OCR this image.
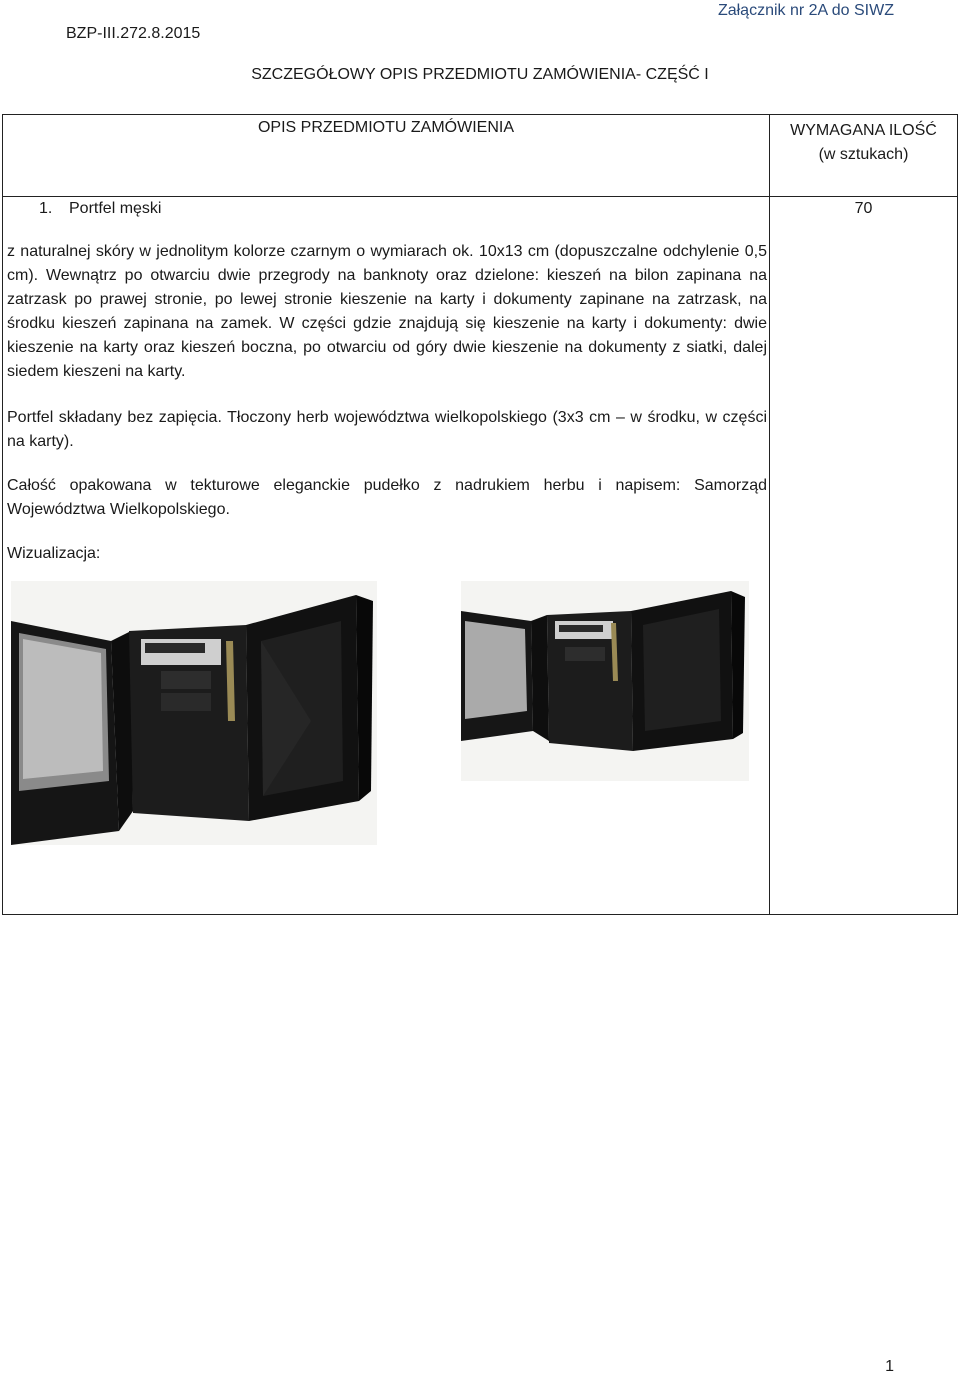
BZP-III.272.8.2015
Załącznik nr 2A do SIWZ
SZCZEGÓŁOWY OPIS PRZEDMIOTU ZAMÓWIENIA- CZĘŚĆ I
OPIS PRZEDMIOTU ZAMÓWIENIA	WYMAGANA ILOŚĆ
(w sztukach)
1. Portfel męski	70
z naturalnej skóry w jednolitym kolorze czarnym o wymiarach ok. 10x13 cm (dopuszczalne odchylenie 0,5 cm). Wewnątrz po otwarciu dwie przegrody na banknoty oraz dzielone: kieszeń na bilon zapinana na zatrzask po prawej stronie, po lewej stronie kieszenie na karty i dokumenty zapinane na zatrzask, na środku kieszeń zapinana na zamek. W części gdzie znajdują się kieszenie na karty i dokumenty: dwie kieszenie na karty oraz kieszeń boczna, po otwarciu od góry dwie kieszenie na dokumenty z siatki, dalej siedem kieszeni na karty.
Portfel składany bez zapięcia. Tłoczony herb województwa wielkopolskiego (3x3 cm – w środku, w części na karty).
Całość opakowana w tekturowe eleganckie pudełko z nadrukiem herbu i napisem: Samorząd Województwa Wielkopolskiego.
Wizualizacja:
1
